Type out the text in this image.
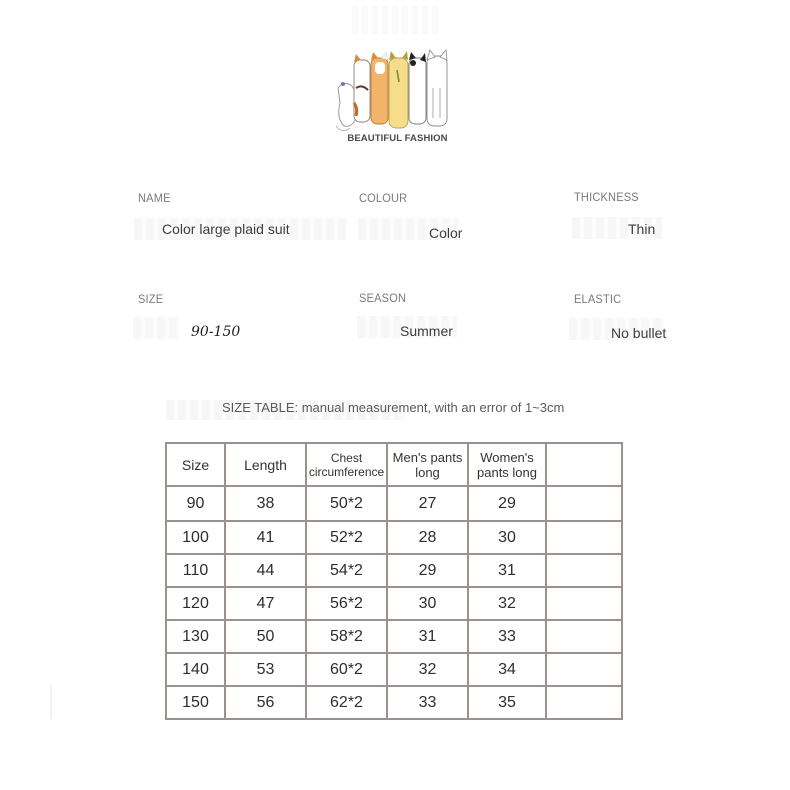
BEAUTIFUL FASHION
NAME
Color large plaid suit
COLOUR
Color
THICKNESS
Thin
SIZE
90-150
SEASON
Summer
ELASTIC
No bullet
SIZE TABLE: manual measurement, with an error of 1~3cm
Size	Length	Chest circumference	Men's pants long	Women's pants long	
90	38	50*2	27	29	
100	41	52*2	28	30	
110	44	54*2	29	31	
120	47	56*2	30	32	
130	50	58*2	31	33	
140	53	60*2	32	34	
150	56	62*2	33	35	
